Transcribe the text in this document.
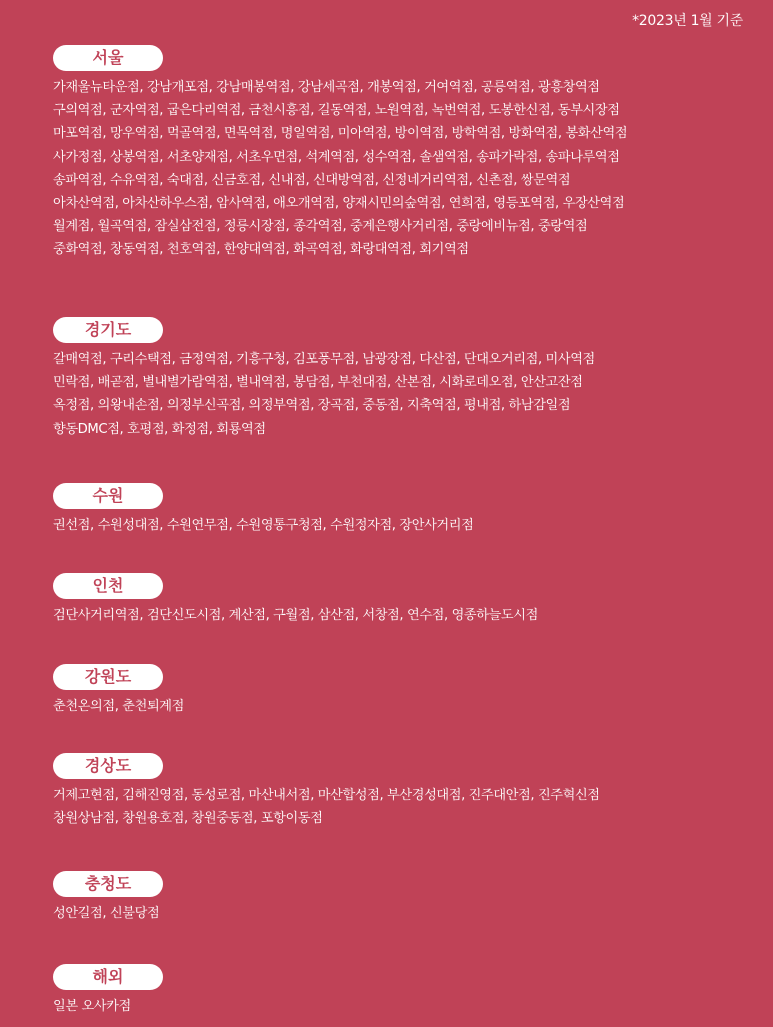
*2023년 1월 기준
서울
가재울뉴타운점, 강남개포점, 강남매봉역점, 강남세곡점, 개봉역점, 거여역점, 공릉역점, 광흥창역점
구의역점, 군자역점, 굽은다리역점, 금천시흥점, 길동역점, 노원역점, 녹번역점, 도봉한신점, 동부시장점
마포역점, 망우역점, 먹골역점, 면목역점, 명일역점, 미아역점, 방이역점, 방학역점, 방화역점, 봉화산역점
사가정점, 상봉역점, 서초양재점, 서초우면점, 석계역점, 성수역점, 솔샘역점, 송파가락점, 송파나루역점
송파역점, 수유역점, 숙대점, 신금호점, 신내점, 신대방역점, 신정네거리역점, 신촌점, 쌍문역점
아차산역점, 아차산하우스점, 암사역점, 애오개역점, 양재시민의숲역점, 연희점, 영등포역점, 우장산역점
월계점, 월곡역점, 잠실삼전점, 정릉시장점, 종각역점, 중계은행사거리점, 중랑에비뉴점, 중랑역점
중화역점, 창동역점, 천호역점, 한양대역점, 화곡역점, 화랑대역점, 회기역점
경기도
갈매역점, 구리수택점, 금정역점, 기흥구청, 김포풍무점, 남광장점, 다산점, 단대오거리점, 미사역점
민락점, 배곧점, 별내별가람역점, 별내역점, 봉담점, 부천대점, 산본점, 시화로데오점, 안산고잔점
옥정점, 의왕내손점, 의정부신곡점, 의정부역점, 장곡점, 중동점, 지축역점, 평내점, 하남감일점
향동DMC점, 호평점, 화정점, 회룡역점
수원
권선점, 수원성대점, 수원연무점, 수원영통구청점, 수원정자점, 장안사거리점
인천
검단사거리역점, 검단신도시점, 계산점, 구월점, 삼산점, 서창점, 연수점, 영종하늘도시점
강원도
춘천온의점, 춘천퇴계점
경상도
거제고현점, 김해진영점, 동성로점, 마산내서점, 마산합성점, 부산경성대점, 진주대안점, 진주혁신점
창원상남점, 창원용호점, 창원중동점, 포항이동점
충청도
성안길점, 신불당점
해외
일본 오사카점
